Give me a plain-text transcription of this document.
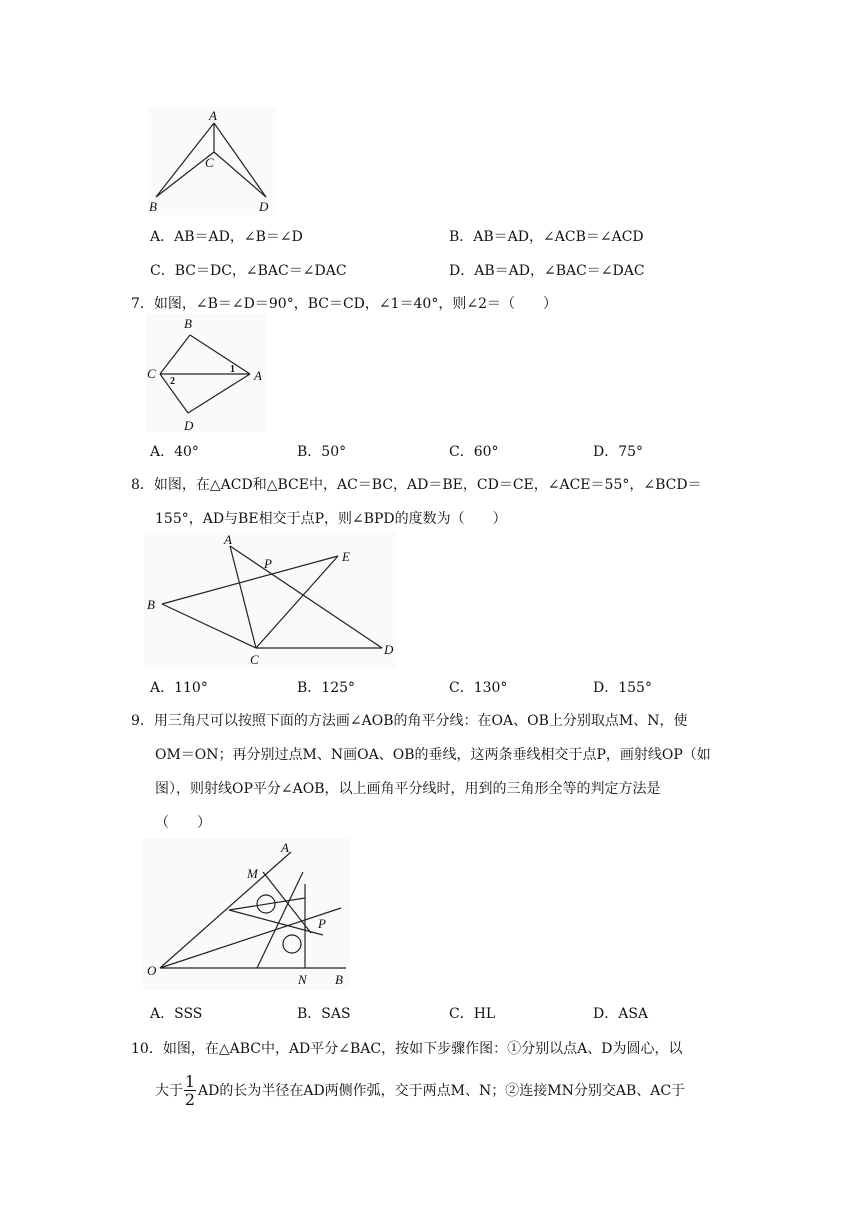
A
C
B	D
A．AB＝AD，∠B＝∠D	B．AB＝AD，∠ACB＝∠ACD
C．BC＝DC，∠BAC＝∠DAC	D．AB＝AD，∠BAC＝∠DAC
7．如图，∠B＝∠D＝90°，BC＝CD，∠1＝40°，则∠2＝（　　）
B
C	A
D
1
2
A．40°	B．50°	C．60°	D．75°
8．如图，在△ACD和△BCE中，AC＝BC，AD＝BE，CD＝CE，∠ACE＝55°，∠BCD＝
155°，AD与BE相交于点P，则∠BPD的度数为（　　）
A
P	E
B
C
D
A．110°	B．125°	C．130°	D．155°
9．用三角尺可以按照下面的方法画∠AOB的角平分线：在OA、OB上分别取点M、N，使
OM＝ON；再分别过点M、N画OA、OB的垂线，这两条垂线相交于点P，画射线OP（如
图），则射线OP平分∠AOB，以上画角平分线时，用到的三角形全等的判定方法是
（　　）
A
M
P
O
N B
A．SSS	B．SAS	C．HL	D．ASA
10．如图，在△ABC中，AD平分∠BAC，按如下步骤作图：①分别以点A、D为圆心，以
大于 1
2 AD的长为半径在AD两侧作弧，交于两点M、N；②连接MN分别交AB、AC于
